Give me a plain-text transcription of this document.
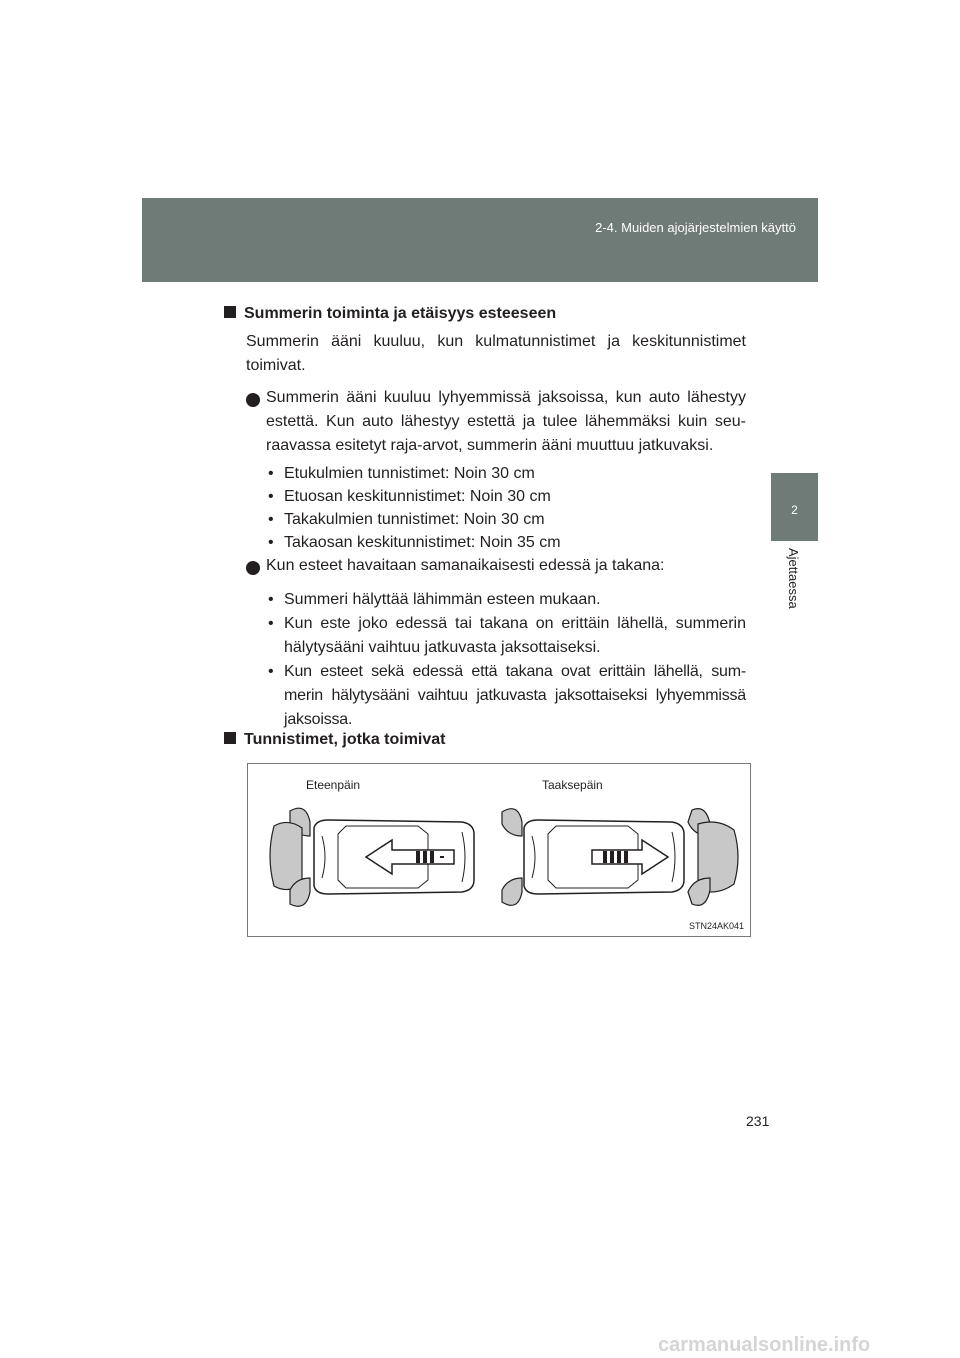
2-4. Muiden ajojärjestelmien käyttö
2
Ajettaessa
Summerin toiminta ja etäisyys esteeseen
Summerin ääni kuuluu, kun kulmatunnistimet ja keskitunnistimet toimivat.
Summerin ääni kuuluu lyhyemmissä jaksoissa, kun auto lähestyy estettä. Kun auto lähestyy estettä ja tulee lähemmäksi kuin seu-raavassa esitetyt raja-arvot, summerin ääni muuttuu jatkuvaksi.
• Etukulmien tunnistimet: Noin 30 cm
• Etuosan keskitunnistimet: Noin 30 cm
• Takakulmien tunnistimet: Noin 30 cm
• Takaosan keskitunnistimet: Noin 35 cm
Kun esteet havaitaan samanaikaisesti edessä ja takana:
• Summeri hälyttää lähimmän esteen mukaan.
• Kun este joko edessä tai takana on erittäin lähellä, summerin hälytysääni vaihtuu jatkuvasta jaksottaiseksi.
• Kun esteet sekä edessä että takana ovat erittäin lähellä, sum-merin hälytysääni vaihtuu jatkuvasta jaksottaiseksi lyhyemmissä jaksoissa.
Tunnistimet, jotka toimivat
Eteenpäin	Taaksepäin
STN24AK041
231
carmanualsonline.info
